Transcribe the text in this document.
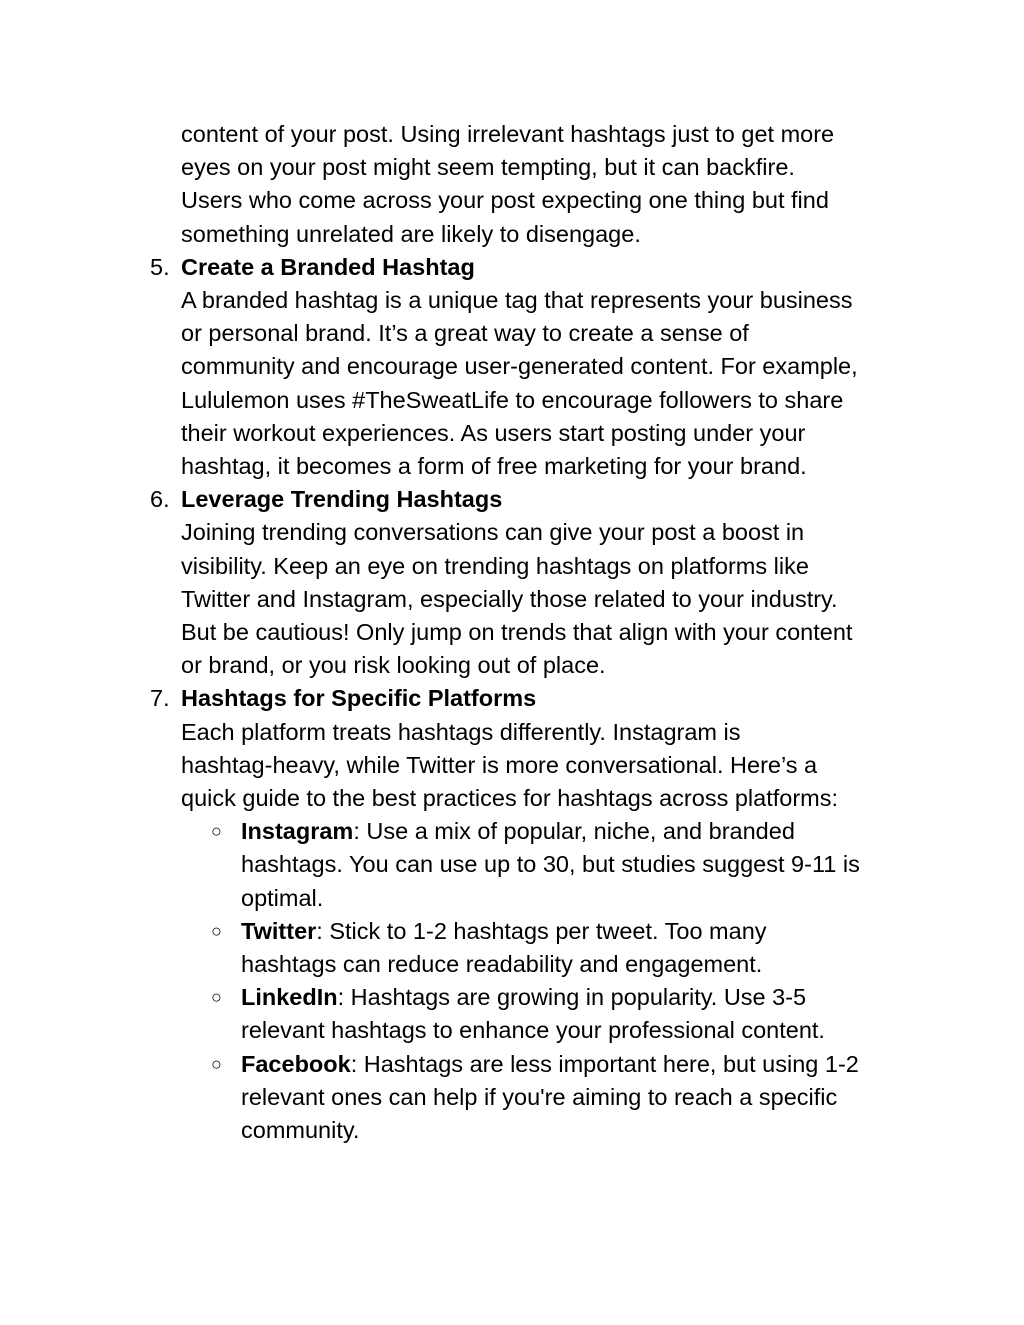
content of your post. Using irrelevant hashtags just to get more
eyes on your post might seem tempting, but it can backfire.
Users who come across your post expecting one thing but find
something unrelated are likely to disengage.
5. Create a Branded Hashtag
A branded hashtag is a unique tag that represents your business
or personal brand. It’s a great way to create a sense of
community and encourage user-generated content. For example,
Lululemon uses #TheSweatLife to encourage followers to share
their workout experiences. As users start posting under your
hashtag, it becomes a form of free marketing for your brand.
6. Leverage Trending Hashtags
Joining trending conversations can give your post a boost in
visibility. Keep an eye on trending hashtags on platforms like
Twitter and Instagram, especially those related to your industry.
But be cautious! Only jump on trends that align with your content
or brand, or you risk looking out of place.
7. Hashtags for Specific Platforms
Each platform treats hashtags differently. Instagram is
hashtag-heavy, while Twitter is more conversational. Here’s a
quick guide to the best practices for hashtags across platforms:
○ Instagram: Use a mix of popular, niche, and branded
hashtags. You can use up to 30, but studies suggest 9-11 is
optimal.
○ Twitter: Stick to 1-2 hashtags per tweet. Too many
hashtags can reduce readability and engagement.
○ LinkedIn: Hashtags are growing in popularity. Use 3-5
relevant hashtags to enhance your professional content.
○ Facebook: Hashtags are less important here, but using 1-2
relevant ones can help if you're aiming to reach a specific
community.
